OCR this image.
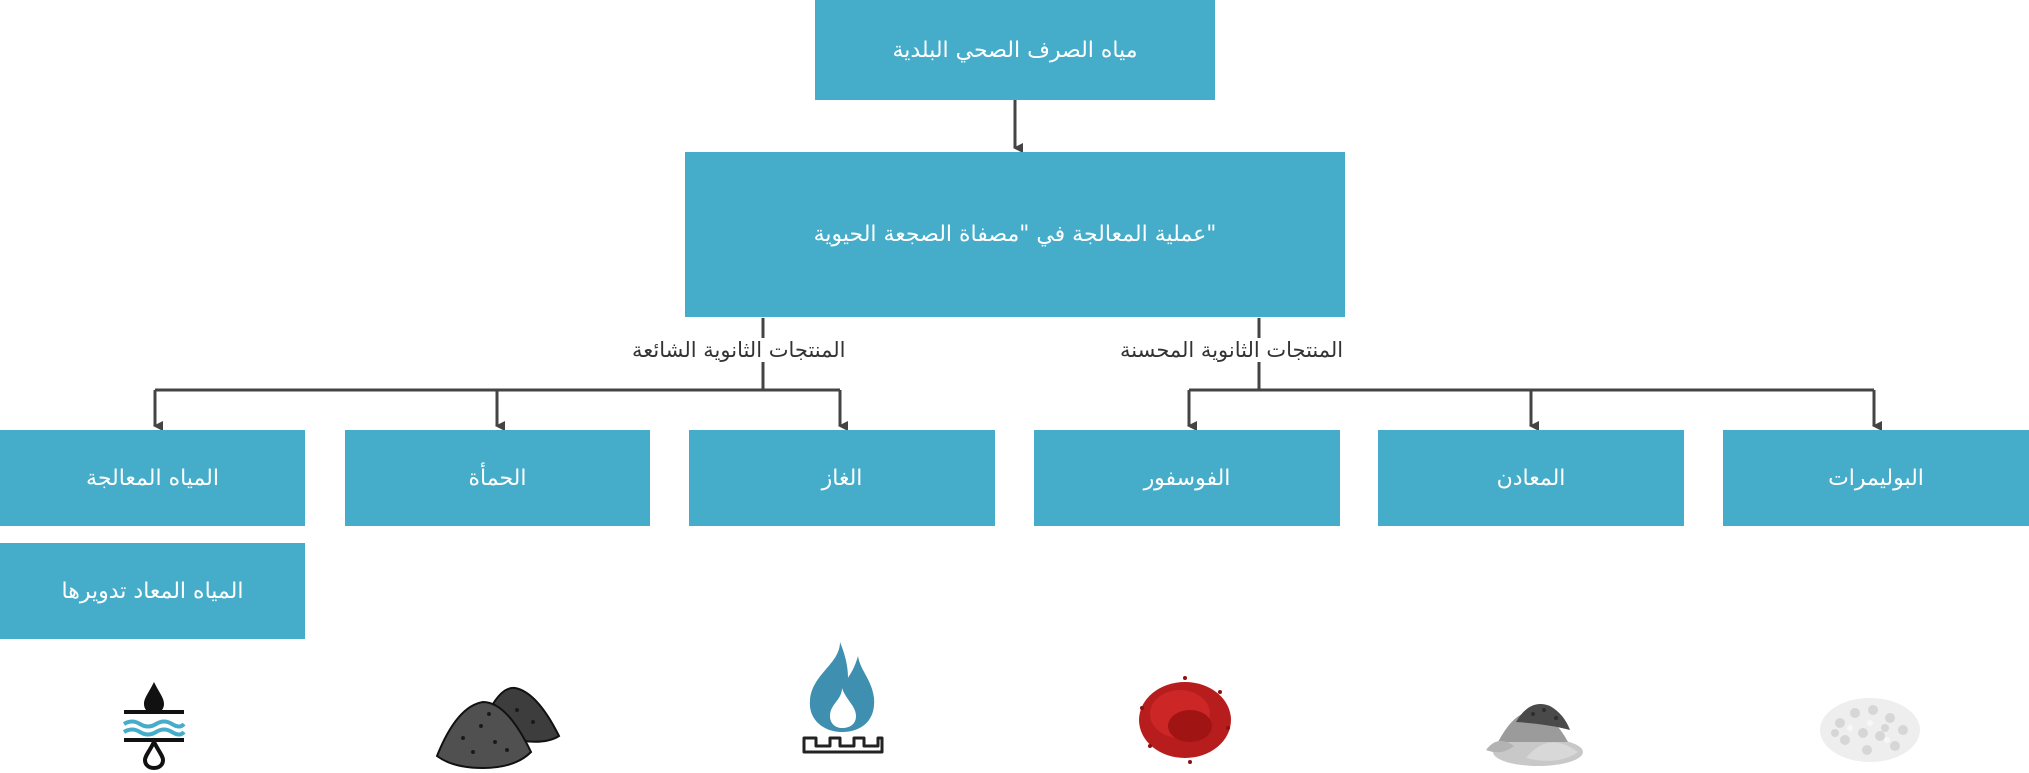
مياه الصرف الصحي البلدية
"عملية المعالجة في "مصفاة الصجعة الحيوية
المنتجات الثانوية المحسنة
المنتجات الثانوية الشائعة
البوليمرات
المعادن
الفوسفور
الغاز
الحمأة
المياه المعالجة
المياه المعاد تدويرها
